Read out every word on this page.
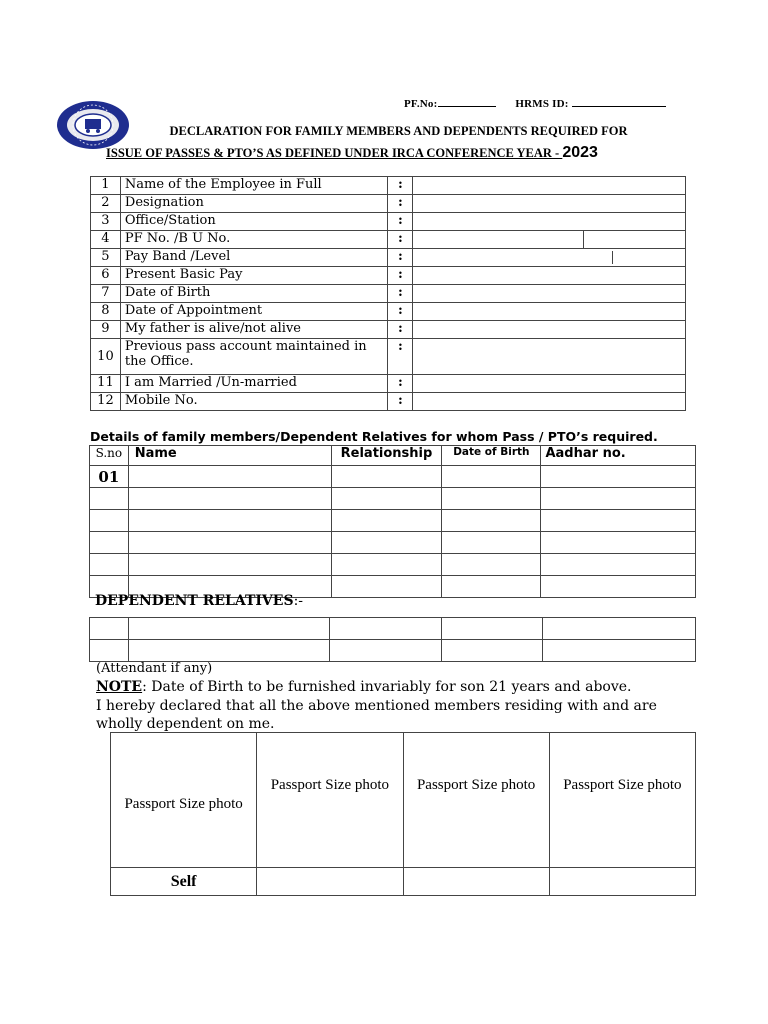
PF.No:	HRMS ID:
DECLARATION FOR FAMILY MEMBERS AND DEPENDENTS REQUIRED FOR
ISSUE OF PASSES & PTO’S AS DEFINED UNDER IRCA CONFERENCE YEAR - 2023
1	Name of the Employee in Full	:	
2	Designation	:	
3	Office/Station	:	
4	PF No. /B U No.	:	

5	Pay Band /Level	:	

6	Present Basic Pay	:	
7	Date of Birth	:	
8	Date of Appointment	:	
9	My father is alive/not alive	:	
10	Previous pass account maintained in the Office.	:	
11	I am Married /Un-married	:	
12	Mobile No.	:	
Details of family members/Dependent Relatives for whom Pass / PTO’s required.
S.no	Name	Relationship	Date of Birth	Aadhar no.
01				

DEPENDENT RELATIVES:-

(Attendant if any)
NOTE: Date of Birth to be furnished invariably for son 21 years and above.
I hereby declared that all the above mentioned members residing with and are wholly dependent on me.
Passport Size photo	Passport Size photo	Passport Size photo	Passport Size photo
Self			
